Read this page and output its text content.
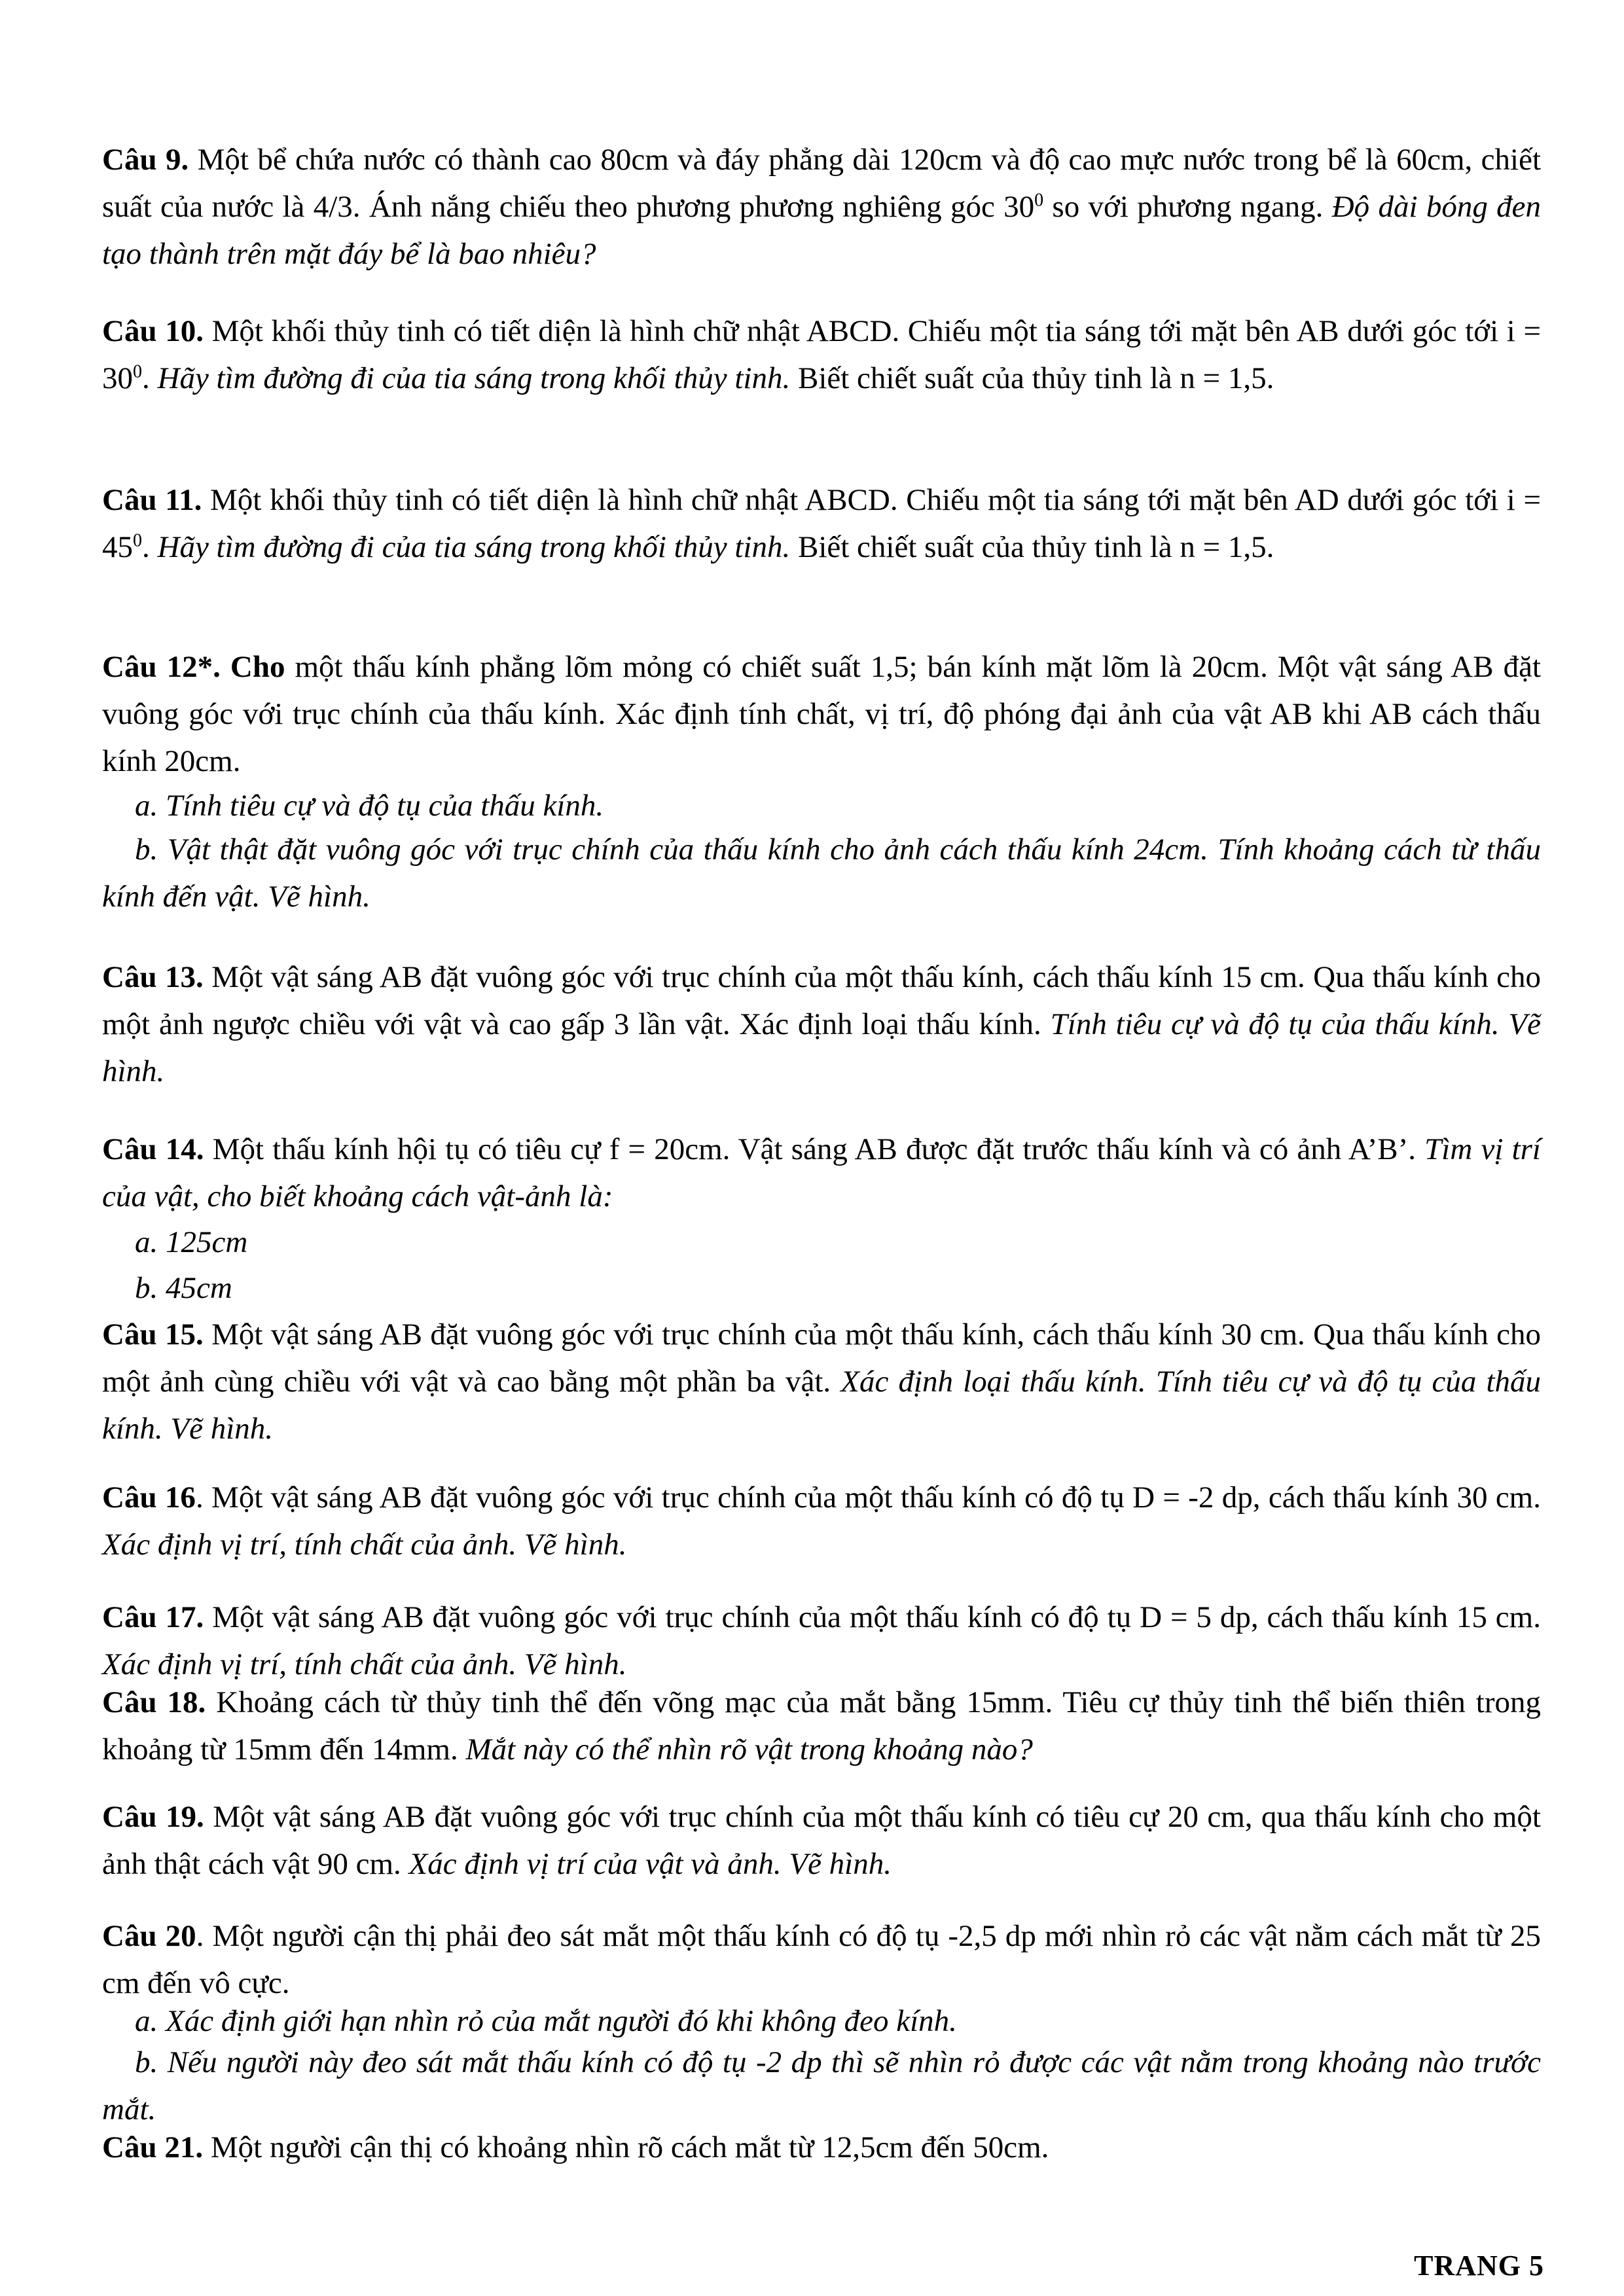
Câu 9. Một bể chứa nước có thành cao 80cm và đáy phẳng dài 120cm và độ cao mực nước trong bể là 60cm, chiết suất của nước là 4/3. Ánh nắng chiếu theo phương phương nghiêng góc $30^0$ so với phương ngang. Độ dài bóng đen tạo thành trên mặt đáy bể là bao nhiêu?
Câu 10. Một khối thủy tinh có tiết diện là hình chữ nhật ABCD. Chiếu một tia sáng tới mặt bên AB dưới góc tới $i = 30^0$. Hãy tìm đường đi của tia sáng trong khối thủy tinh. Biết chiết suất của thủy tinh là n = 1,5.
Câu 11. Một khối thủy tinh có tiết diện là hình chữ nhật ABCD. Chiếu một tia sáng tới mặt bên AD dưới góc tới $i = 45^0$. Hãy tìm đường đi của tia sáng trong khối thủy tinh. Biết chiết suất của thủy tinh là n = 1,5.
Câu 12*. Cho một thấu kính phẳng lõm mỏng có chiết suất 1,5; bán kính mặt lõm là 20cm. Một vật sáng AB đặt vuông góc với trục chính của thấu kính. Xác định tính chất, vị trí, độ phóng đại ảnh của vật AB khi AB cách thấu kính 20cm.
a. Tính tiêu cự và độ tụ của thấu kính.
b. Vật thật đặt vuông góc với trục chính của thấu kính cho ảnh cách thấu kính 24cm. Tính khoảng cách từ thấu kính đến vật. Vẽ hình.
Câu 13. Một vật sáng AB đặt vuông góc với trục chính của một thấu kính, cách thấu kính 15 cm. Qua thấu kính cho một ảnh ngược chiều với vật và cao gấp 3 lần vật. Xác định loại thấu kính. Tính tiêu cự và độ tụ của thấu kính. Vẽ hình.
Câu 14. Một thấu kính hội tụ có tiêu cự f = 20cm. Vật sáng AB được đặt trước thấu kính và có ảnh A’B’. Tìm vị trí của vật, cho biết khoảng cách vật-ảnh là:
a. 125cm
b. 45cm
Câu 15. Một vật sáng AB đặt vuông góc với trục chính của một thấu kính, cách thấu kính 30 cm. Qua thấu kính cho một ảnh cùng chiều với vật và cao bằng một phần ba vật. Xác định loại thấu kính. Tính tiêu cự và độ tụ của thấu kính. Vẽ hình.
Câu 16. Một vật sáng AB đặt vuông góc với trục chính của một thấu kính có độ tụ D = -2 dp, cách thấu kính 30 cm. Xác định vị trí, tính chất của ảnh. Vẽ hình.
Câu 17. Một vật sáng AB đặt vuông góc với trục chính của một thấu kính có độ tụ D = 5 dp, cách thấu kính 15 cm. Xác định vị trí, tính chất của ảnh. Vẽ hình.
Câu 18. Khoảng cách từ thủy tinh thể đến võng mạc của mắt bằng 15mm. Tiêu cự thủy tinh thể biến thiên trong khoảng từ 15mm đến 14mm. Mắt này có thể nhìn rõ vật trong khoảng nào?
Câu 19. Một vật sáng AB đặt vuông góc với trục chính của một thấu kính có tiêu cự 20 cm, qua thấu kính cho một ảnh thật cách vật 90 cm. Xác định vị trí của vật và ảnh. Vẽ hình.
Câu 20. Một người cận thị phải đeo sát mắt một thấu kính có độ tụ -2,5 dp mới nhìn rỏ các vật nằm cách mắt từ 25 cm đến vô cực.
a. Xác định giới hạn nhìn rỏ của mắt người đó khi không đeo kính.
b. Nếu người này đeo sát mắt thấu kính có độ tụ -2 dp thì sẽ nhìn rỏ được các vật nằm trong khoảng nào trước mắt.
Câu 21. Một người cận thị có khoảng nhìn rõ cách mắt từ 12,5cm đến 50cm.
TRANG 5
